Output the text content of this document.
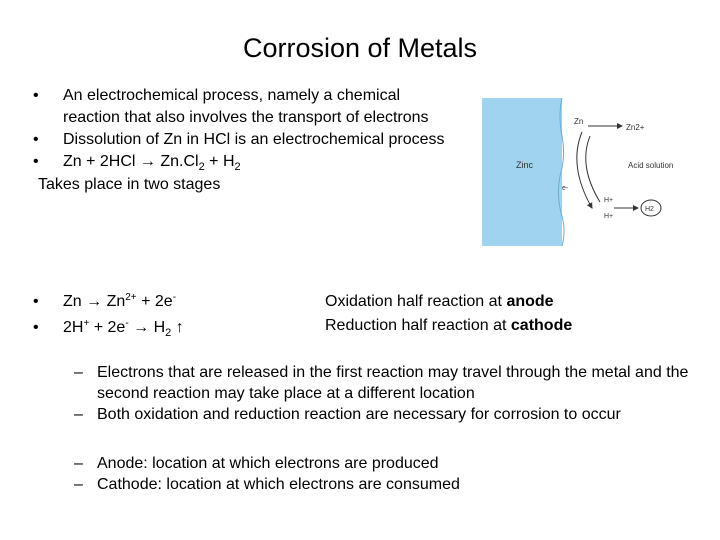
Corrosion of Metals
• An electrochemical process, namely a chemical reaction that also involves the transport of electrons
• Dissolution of Zn in HCl is an electrochemical process
• $Zn + 2HCl \to Zn.Cl_2 + H_2$
Takes place in two stages
Zinc
Zn
Zn2+
e-
H+
H+
H2
Acid solution
• $Zn \to Zn^{2+} + 2e^-$
• $2H^+ + 2e^- \to H_2$ ↑
Oxidation half reaction at anode
Reduction half reaction at cathode
– Electrons that are released in the first reaction may travel through the metal and the second reaction may take place at a different location
– Both oxidation and reduction reaction are necessary for corrosion to occur
– Anode: location at which electrons are produced
– Cathode: location at which electrons are consumed
